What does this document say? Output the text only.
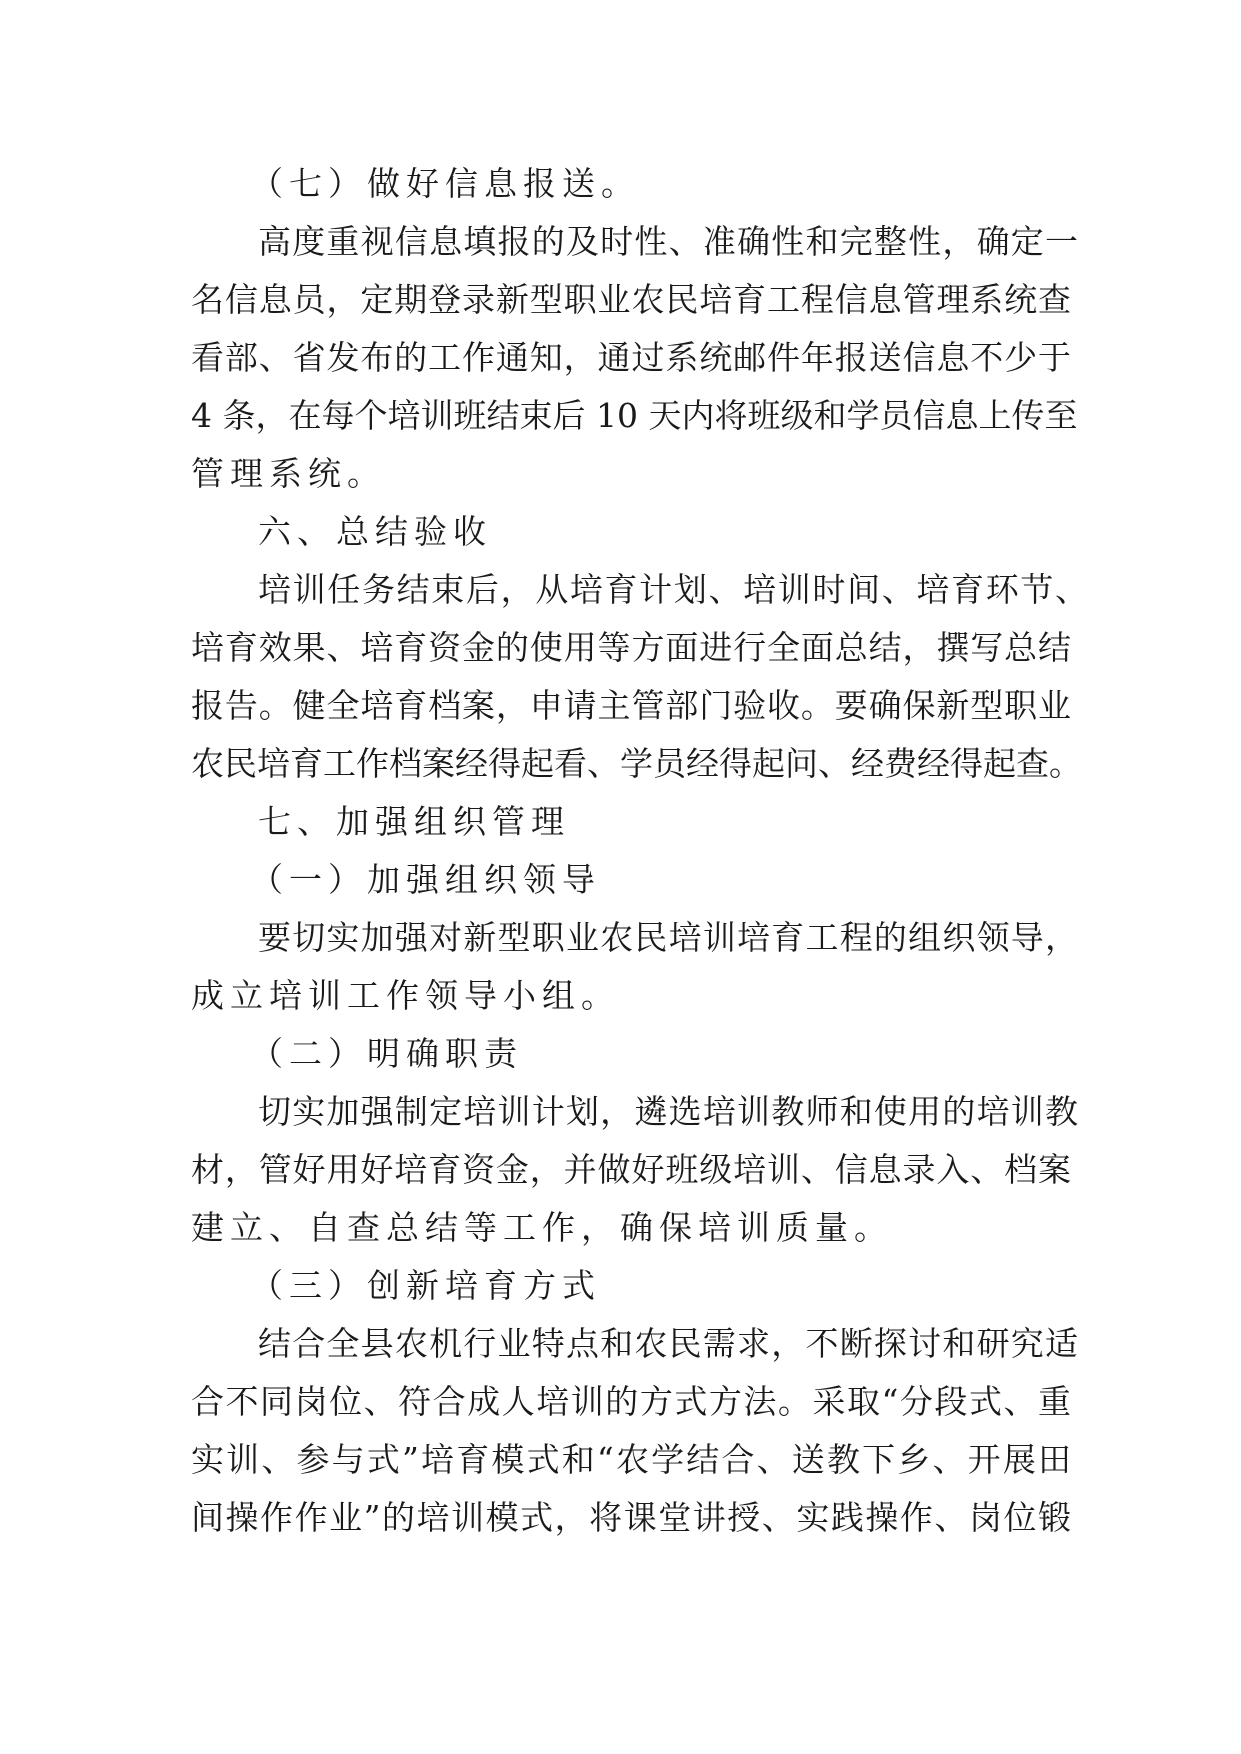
（七）做好信息报送。
高度重视信息填报的及时性、准确性和完整性，确定一
名信息员，定期登录新型职业农民培育工程信息管理系统查
看部、省发布的工作通知，通过系统邮件年报送信息不少于
4 条，在每个培训班结束后 10 天内将班级和学员信息上传至
管理系统。
六、总结验收
培训任务结束后，从培育计划、培训时间、培育环节、
培育效果、培育资金的使用等方面进行全面总结，撰写总结
报告。健全培育档案，申请主管部门验收。要确保新型职业
农民培育工作档案经得起看、学员经得起问、经费经得起查。
七、加强组织管理
（一）加强组织领导
要切实加强对新型职业农民培训培育工程的组织领导，
成立培训工作领导小组。
（二）明确职责
切实加强制定培训计划，遴选培训教师和使用的培训教
材，管好用好培育资金，并做好班级培训、信息录入、档案
建立、自查总结等工作，确保培训质量。
（三）创新培育方式
结合全县农机行业特点和农民需求，不断探讨和研究适
合不同岗位、符合成人培训的方式方法。采取“分段式、重
实训、参与式”培育模式和“农学结合、送教下乡、开展田
间操作作业”的培训模式，将课堂讲授、实践操作、岗位锻
